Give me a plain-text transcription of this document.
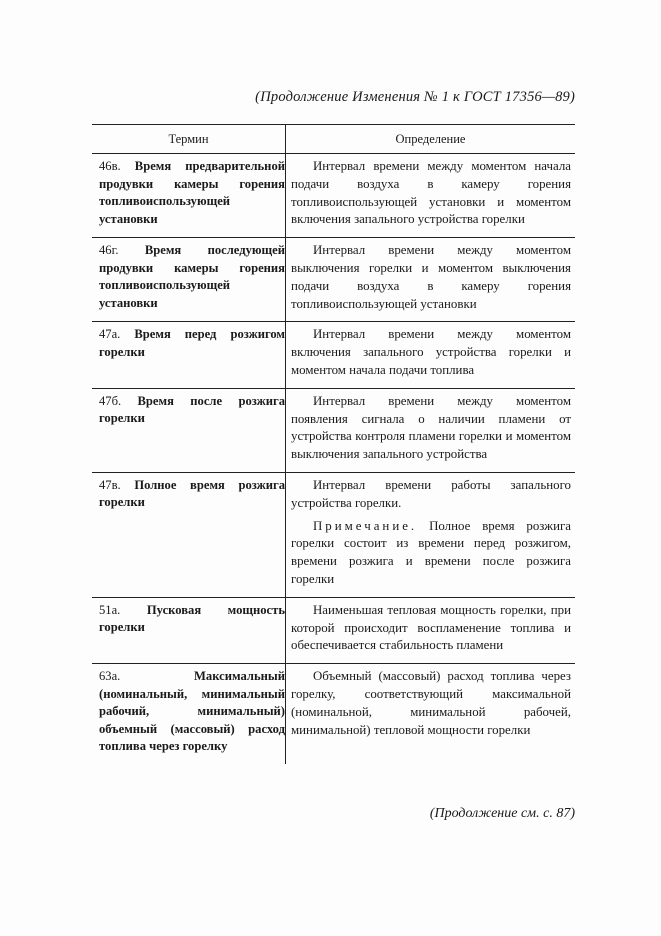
(Продолжение Изменения № 1 к ГОСТ 17356—89)
Термин	Определение
46в. Время предварительной продувки камеры горения топливоиспользующей установки

Интервал времени между моментом начала подачи воздуха в камеру горения топливоиспользующей установки и моментом включения запального устройства горелки

46г. Время последующей продувки камеры горения топливоиспользующей установки

Интервал времени между моментом выключения горелки и моментом выключения подачи воздуха в камеру горения топливоиспользующей установки

47а. Время перед розжигом горелки

Интервал времени между моментом включения запального устройства горелки и моментом начала подачи топлива

47б. Время после розжига горелки

Интервал времени между моментом появления сигнала о наличии пламени от устройства контроля пламени горелки и моментом выключения запального устройства

47в. Полное время розжига горелки

Интервал времени работы запального устройства горелки.

Примечание. Полное время розжига горелки состоит из времени перед розжигом, времени розжига и времени после розжига горелки

51а. Пусковая мощность горелки

Наименьшая тепловая мощность горелки, при которой происходит воспламенение топлива и обеспечивается стабильность пламени

63а.	Максимальный (номинальный, минимальный рабочий, минимальный) объемный (массовый) расход топлива через горелку

Объемный (массовый) расход топлива через горелку, соответствующий максимальной (номинальной, минимальной рабочей, минимальной) тепловой мощности горелки

(Продолжение см. с. 87)
